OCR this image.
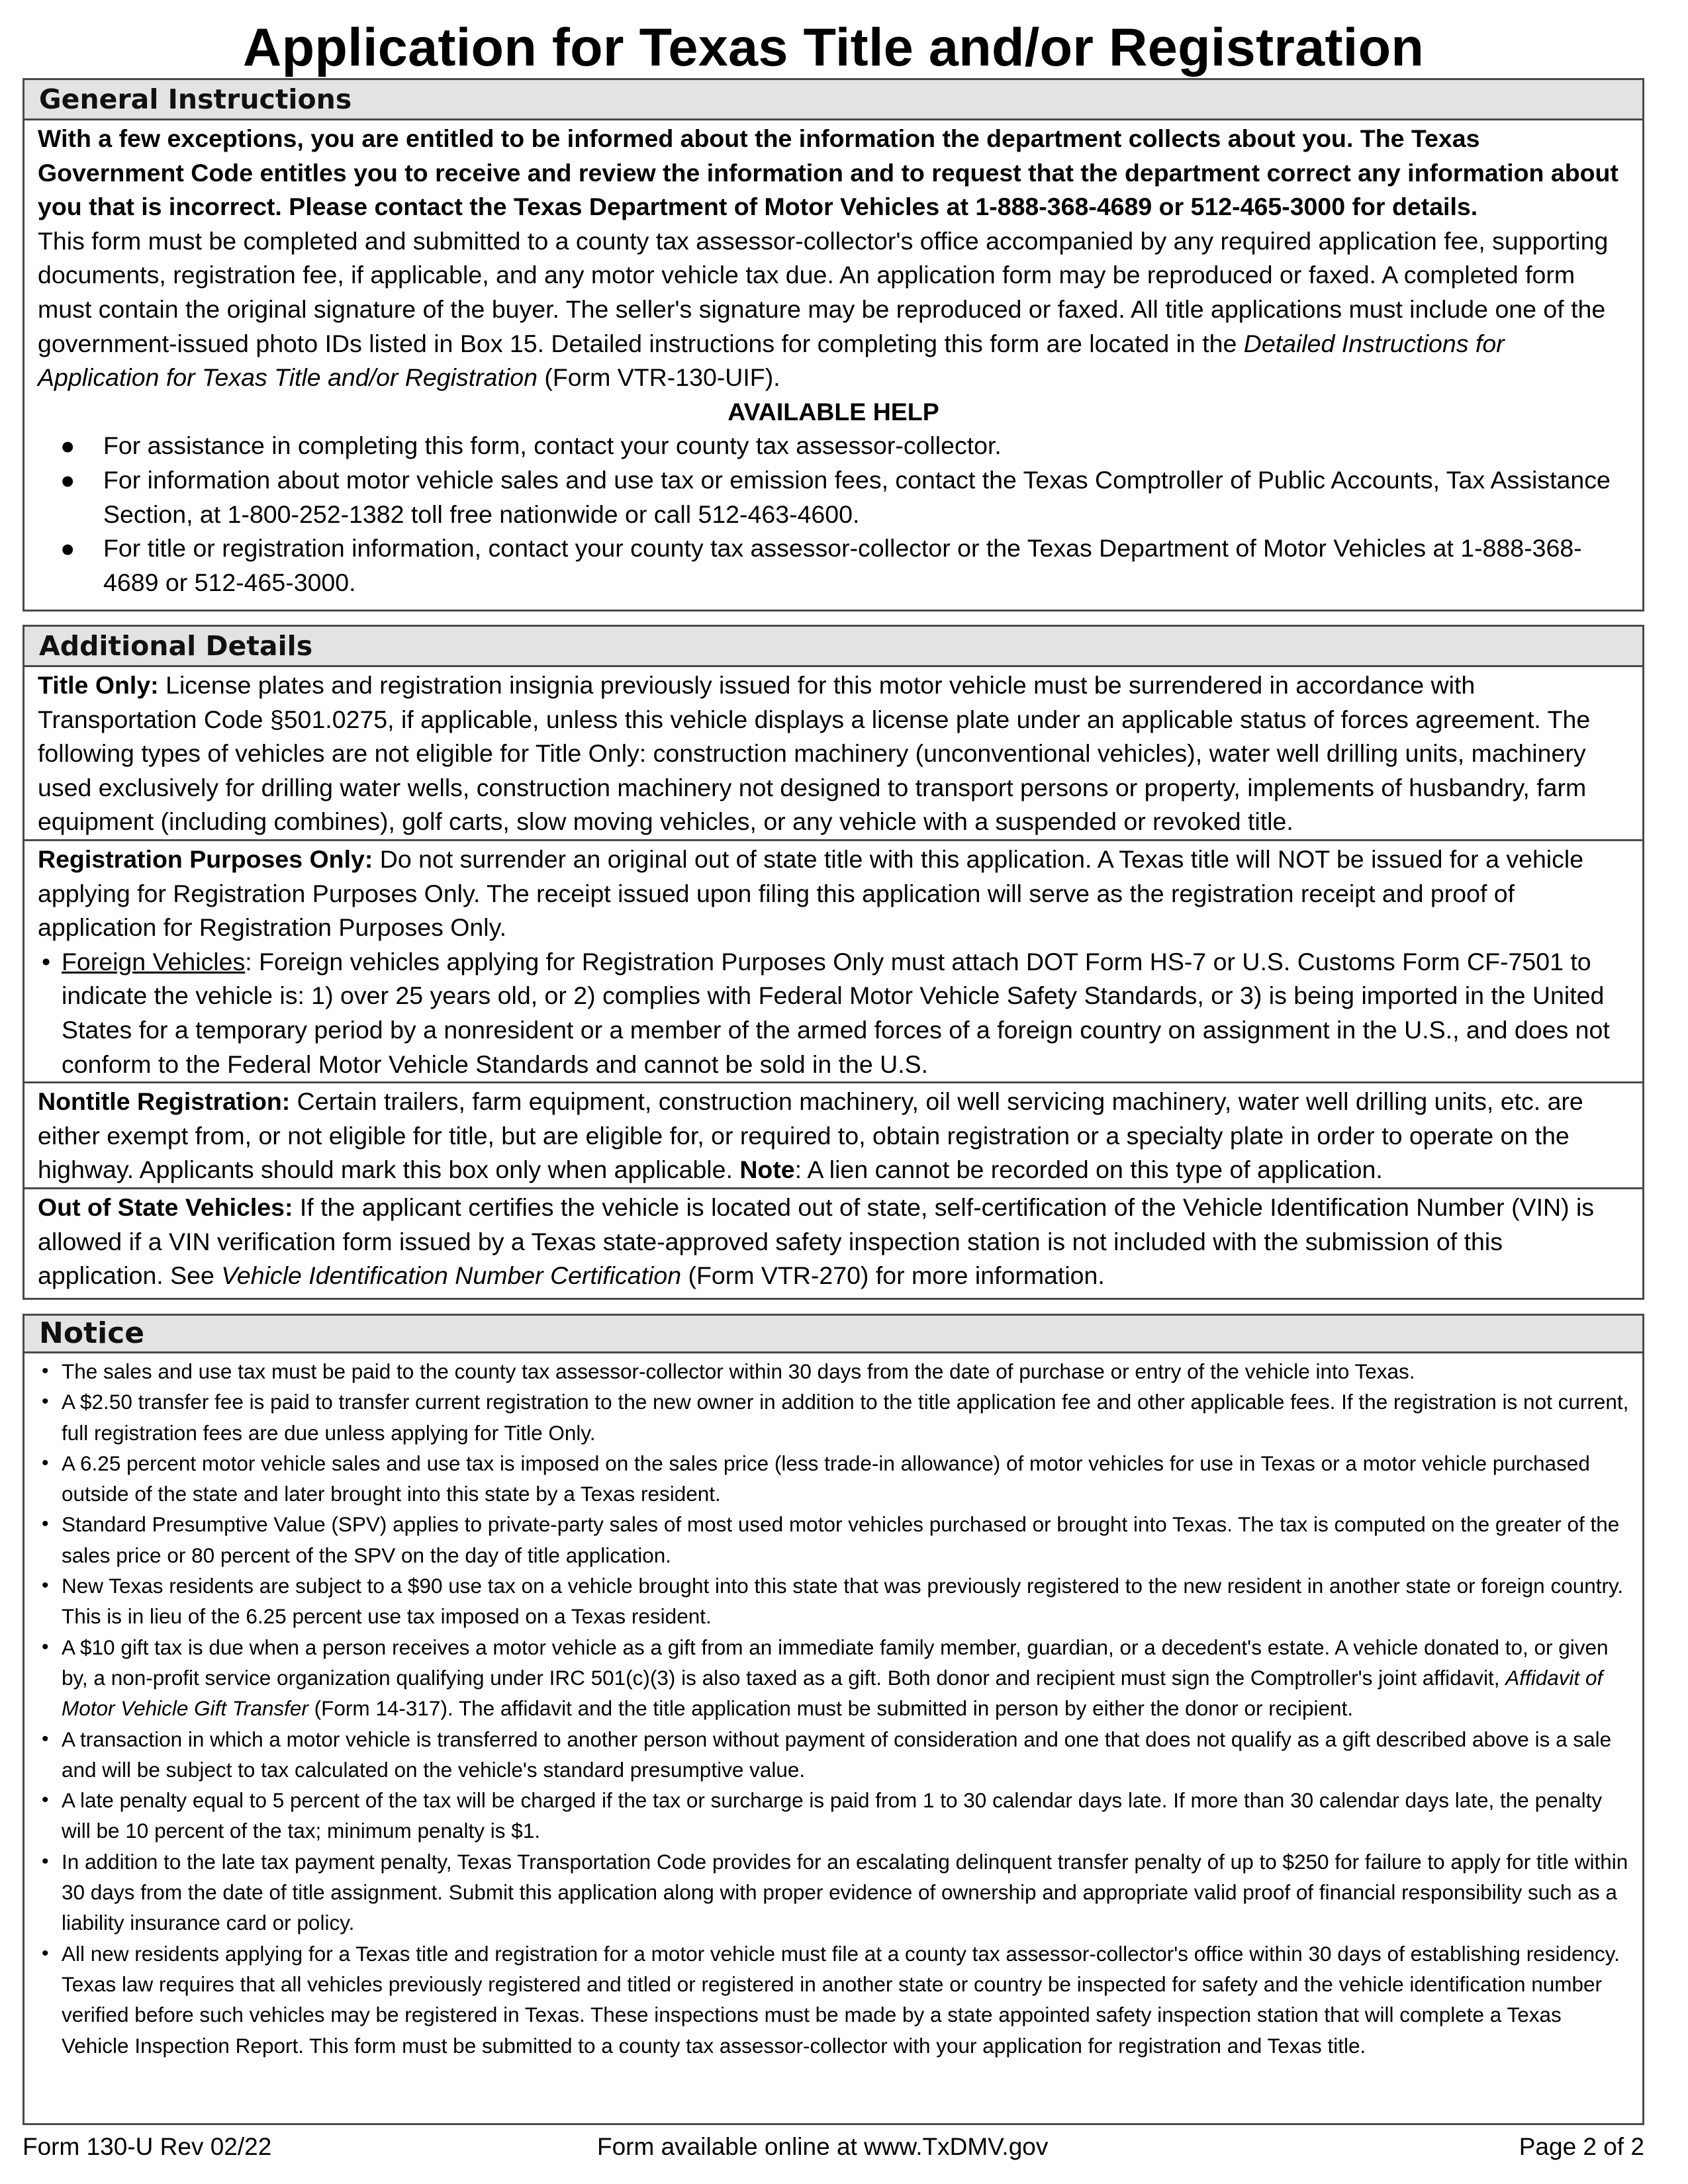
Application for Texas Title and/or Registration
General Instructions

With a few exceptions, you are entitled to be informed about the information the department collects about you. The Texas Government Code entitles you to receive and review the information and to request that the department correct any information about you that is incorrect. Please contact the Texas Department of Motor Vehicles at 1-888-368-4689 or 512-465-3000 for details.

This form must be completed and submitted to a county tax assessor-collector's office accompanied by any required application fee, supporting documents, registration fee, if applicable, and any motor vehicle tax due. An application form may be reproduced or faxed. A completed form must contain the original signature of the buyer. The seller's signature may be reproduced or faxed. All title applications must include one of the government-issued photo IDs listed in Box 15. Detailed instructions for completing this form are located in the Detailed Instructions for Application for Texas Title and/or Registration (Form VTR-130-UIF).

AVAILABLE HELP

● For assistance in completing this form, contact your county tax assessor-collector.
● For information about motor vehicle sales and use tax or emission fees, contact the Texas Comptroller of Public Accounts, Tax Assistance Section, at 1-800-252-1382 toll free nationwide or call 512-463-4600.
● For title or registration information, contact your county tax assessor-collector or the Texas Department of Motor Vehicles at 1-888-368-4689 or 512-465-3000.
Additional Details

Title Only: License plates and registration insignia previously issued for this motor vehicle must be surrendered in accordance with Transportation Code §501.0275, if applicable, unless this vehicle displays a license plate under an applicable status of forces agreement. The following types of vehicles are not eligible for Title Only: construction machinery (unconventional vehicles), water well drilling units, machinery used exclusively for drilling water wells, construction machinery not designed to transport persons or property, implements of husbandry, farm equipment (including combines), golf carts, slow moving vehicles, or any vehicle with a suspended or revoked title.

Registration Purposes Only: Do not surrender an original out of state title with this application. A Texas title will NOT be issued for a vehicle applying for Registration Purposes Only. The receipt issued upon filing this application will serve as the registration receipt and proof of application for Registration Purposes Only.

• Foreign Vehicles: Foreign vehicles applying for Registration Purposes Only must attach DOT Form HS-7 or U.S. Customs Form CF-7501 to indicate the vehicle is: 1) over 25 years old, or 2) complies with Federal Motor Vehicle Safety Standards, or 3) is being imported in the United States for a temporary period by a nonresident or a member of the armed forces of a foreign country on assignment in the U.S., and does not conform to the Federal Motor Vehicle Standards and cannot be sold in the U.S.

Nontitle Registration: Certain trailers, farm equipment, construction machinery, oil well servicing machinery, water well drilling units, etc. are either exempt from, or not eligible for title, but are eligible for, or required to, obtain registration or a specialty plate in order to operate on the highway. Applicants should mark this box only when applicable. Note: A lien cannot be recorded on this type of application.

Out of State Vehicles: If the applicant certifies the vehicle is located out of state, self-certification of the Vehicle Identification Number (VIN) is allowed if a VIN verification form issued by a Texas state-approved safety inspection station is not included with the submission of this application. See Vehicle Identification Number Certification (Form VTR-270) for more information.

Notice
• The sales and use tax must be paid to the county tax assessor-collector within 30 days from the date of purchase or entry of the vehicle into Texas.
• A $2.50 transfer fee is paid to transfer current registration to the new owner in addition to the title application fee and other applicable fees. If the registration is not current, full registration fees are due unless applying for Title Only.
• A 6.25 percent motor vehicle sales and use tax is imposed on the sales price (less trade-in allowance) of motor vehicles for use in Texas or a motor vehicle purchased outside of the state and later brought into this state by a Texas resident.
• Standard Presumptive Value (SPV) applies to private-party sales of most used motor vehicles purchased or brought into Texas. The tax is computed on the greater of the sales price or 80 percent of the SPV on the day of title application.
• New Texas residents are subject to a $90 use tax on a vehicle brought into this state that was previously registered to the new resident in another state or foreign country. This is in lieu of the 6.25 percent use tax imposed on a Texas resident.
• A $10 gift tax is due when a person receives a motor vehicle as a gift from an immediate family member, guardian, or a decedent's estate. A vehicle donated to, or given by, a non-profit service organization qualifying under IRC 501(c)(3) is also taxed as a gift. Both donor and recipient must sign the Comptroller's joint affidavit, Affidavit of Motor Vehicle Gift Transfer (Form 14-317). The affidavit and the title application must be submitted in person by either the donor or recipient.
• A transaction in which a motor vehicle is transferred to another person without payment of consideration and one that does not qualify as a gift described above is a sale and will be subject to tax calculated on the vehicle's standard presumptive value.
• A late penalty equal to 5 percent of the tax will be charged if the tax or surcharge is paid from 1 to 30 calendar days late. If more than 30 calendar days late, the penalty will be 10 percent of the tax; minimum penalty is $1.
• In addition to the late tax payment penalty, Texas Transportation Code provides for an escalating delinquent transfer penalty of up to $250 for failure to apply for title within 30 days from the date of title assignment. Submit this application along with proper evidence of ownership and appropriate valid proof of financial responsibility such as a liability insurance card or policy.
• All new residents applying for a Texas title and registration for a motor vehicle must file at a county tax assessor-collector's office within 30 days of establishing residency. Texas law requires that all vehicles previously registered and titled or registered in another state or country be inspected for safety and the vehicle identification number verified before such vehicles may be registered in Texas. These inspections must be made by a state appointed safety inspection station that will complete a Texas Vehicle Inspection Report. This form must be submitted to a county tax assessor-collector with your application for registration and Texas title.
Form 130-U Rev 02/22	Form available online at www.TxDMV.gov	Page 2 of 2
